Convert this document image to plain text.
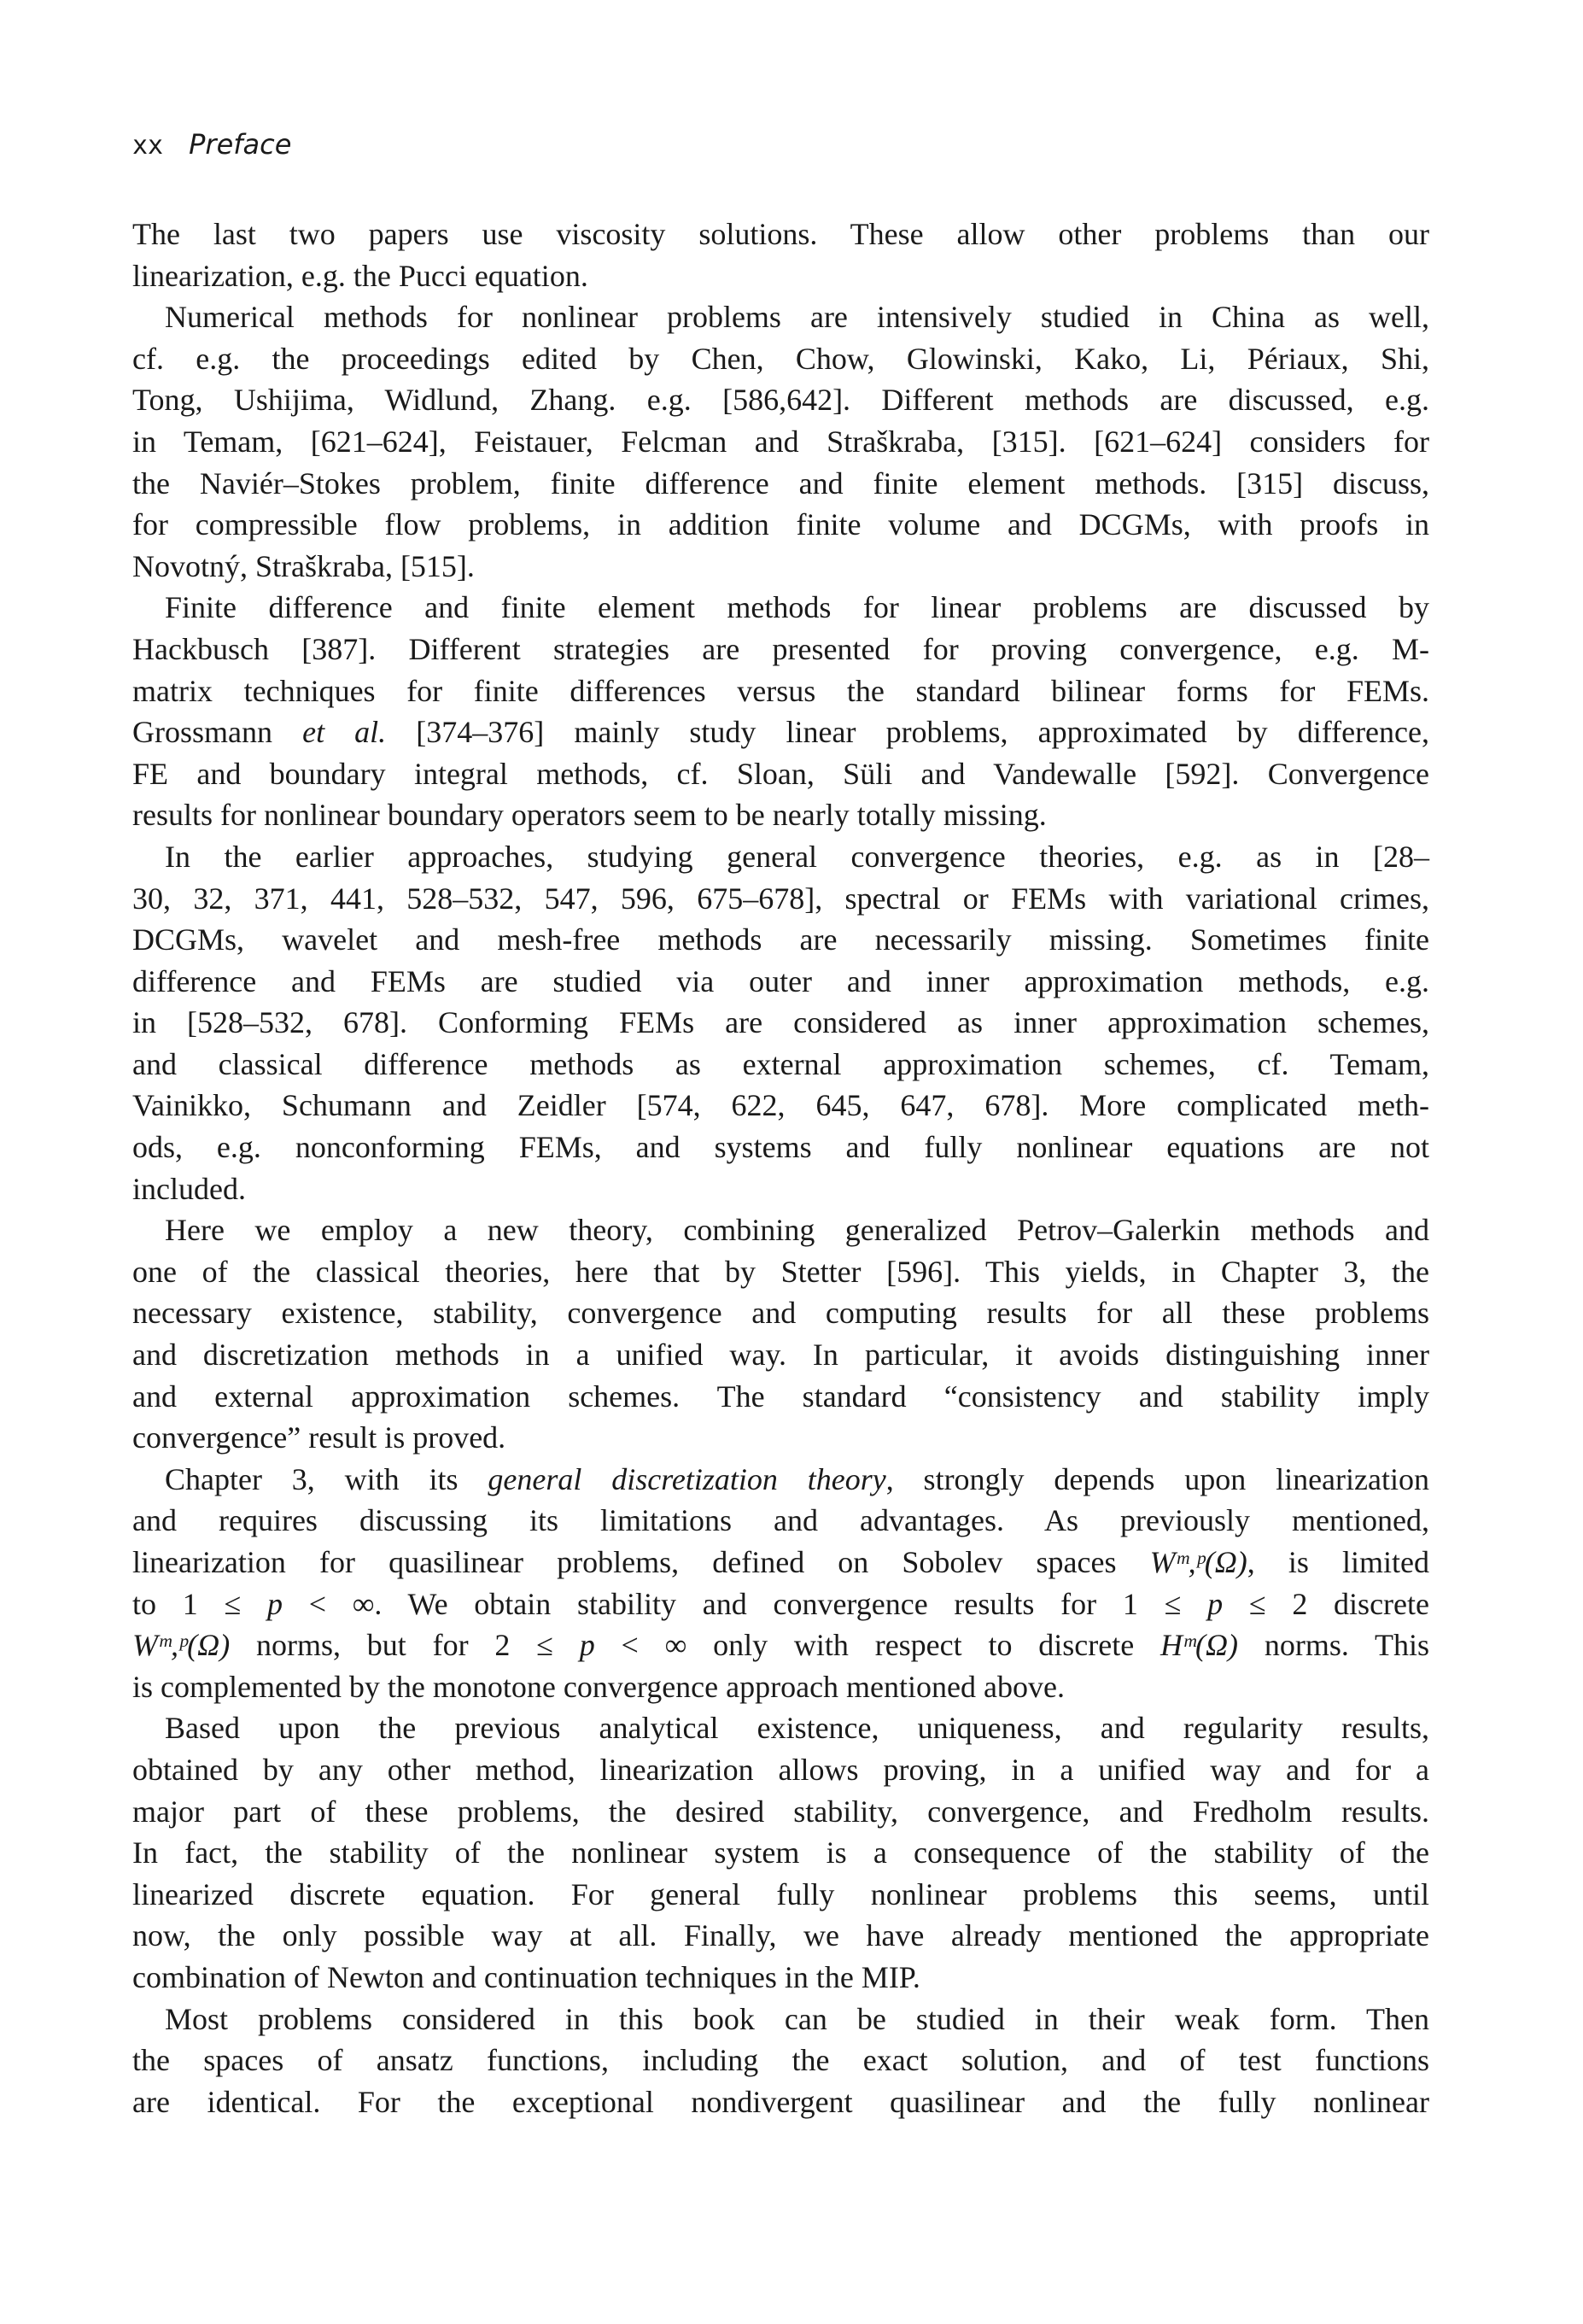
xx Preface
The last two papers use viscosity solutions. These allow other problems than our
linearization, e.g. the Pucci equation.
Numerical methods for nonlinear problems are intensively studied in China as well,
cf. e.g. the proceedings edited by Chen, Chow, Glowinski, Kako, Li, Périaux, Shi,
Tong, Ushijima, Widlund, Zhang. e.g. [586,642]. Different methods are discussed, e.g.
in Temam, [621–624], Feistauer, Felcman and Straškraba, [315]. [621–624] considers for
the Naviér–Stokes problem, finite difference and finite element methods. [315] discuss,
for compressible flow problems, in addition finite volume and DCGMs, with proofs in
Novotný, Straškraba, [515].
Finite difference and finite element methods for linear problems are discussed by
Hackbusch [387]. Different strategies are presented for proving convergence, e.g. M-
matrix techniques for finite differences versus the standard bilinear forms for FEMs.
Grossmann et al. [374–376] mainly study linear problems, approximated by difference,
FE and boundary integral methods, cf. Sloan, Süli and Vandewalle [592]. Convergence
results for nonlinear boundary operators seem to be nearly totally missing.
In the earlier approaches, studying general convergence theories, e.g. as in [28–
30, 32, 371, 441, 528–532, 547, 596, 675–678], spectral or FEMs with variational crimes,
DCGMs, wavelet and mesh-free methods are necessarily missing. Sometimes finite
difference and FEMs are studied via outer and inner approximation methods, e.g.
in [528–532, 678]. Conforming FEMs are considered as inner approximation schemes,
and classical difference methods as external approximation schemes, cf. Temam,
Vainikko, Schumann and Zeidler [574, 622, 645, 647, 678]. More complicated meth-
ods, e.g. nonconforming FEMs, and systems and fully nonlinear equations are not
included.
Here we employ a new theory, combining generalized Petrov–Galerkin methods and
one of the classical theories, here that by Stetter [596]. This yields, in Chapter 3, the
necessary existence, stability, convergence and computing results for all these problems
and discretization methods in a unified way. In particular, it avoids distinguishing inner
and external approximation schemes. The standard “consistency and stability imply
convergence” result is proved.
Chapter 3, with its general discretization theory, strongly depends upon linearization
and requires discussing its limitations and advantages. As previously mentioned,
linearization for quasilinear problems, defined on Sobolev spaces Wᵐ,ᵖ(Ω), is limited
to 1 ≤ p < ∞. We obtain stability and convergence results for 1 ≤ p ≤ 2 discrete
Wᵐ,ᵖ(Ω) norms, but for 2 ≤ p < ∞ only with respect to discrete Hᵐ(Ω) norms. This
is complemented by the monotone convergence approach mentioned above.
Based upon the previous analytical existence, uniqueness, and regularity results,
obtained by any other method, linearization allows proving, in a unified way and for a
major part of these problems, the desired stability, convergence, and Fredholm results.
In fact, the stability of the nonlinear system is a consequence of the stability of the
linearized discrete equation. For general fully nonlinear problems this seems, until
now, the only possible way at all. Finally, we have already mentioned the appropriate
combination of Newton and continuation techniques in the MIP.
Most problems considered in this book can be studied in their weak form. Then
the spaces of ansatz functions, including the exact solution, and of test functions
are identical. For the exceptional nondivergent quasilinear and the fully nonlinear
